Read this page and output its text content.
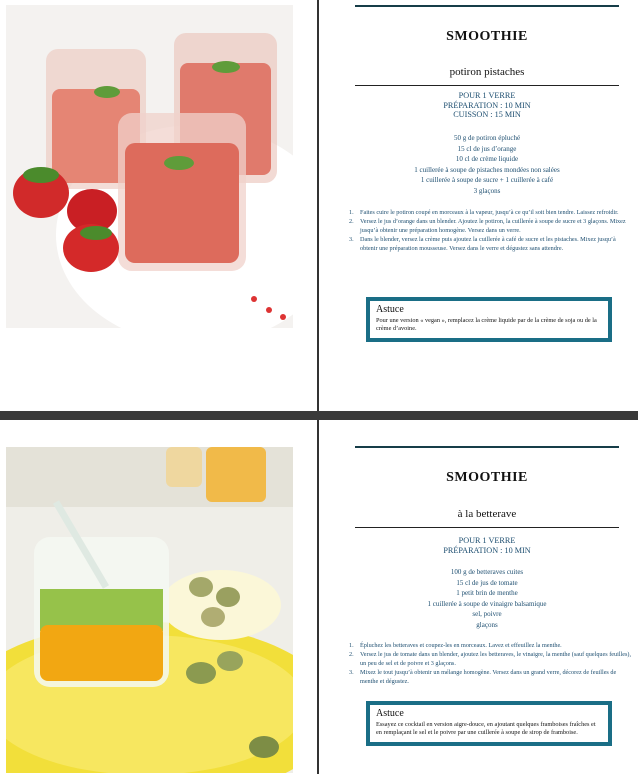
SMOOTHIE
potiron pistaches
POUR 1 VERRE
PRÉPARATION : 10 MIN
CUISSON : 15 MIN
50 g de potiron épluché
15 cl de jus d’orange
10 cl de crème liquide
1 cuillerée à soupe de pistaches mondées non salées
1 cuillerée à soupe de sucre + 1 cuillerée à café
3 glaçons
1. Faites cuire le potiron coupé en morceaux à la vapeur, jusqu’à ce qu’il soit bien tendre. Laissez refroidir.
2. Versez le jus d’orange dans un blender. Ajoutez le potiron, la cuillerée à soupe de sucre et 3 glaçons. Mixez jusqu’à obtenir une préparation homogène. Versez dans un verre.
3. Dans le blender, versez la crème puis ajoutez la cuillerée à café de sucre et les pistaches. Mixez jusqu’à obtenir une préparation mousseuse. Versez dans le verre et dégustez sans attendre.
Astuce
Pour une version « vegan », remplacez la crème liquide par de la crème de soja ou de la crème d’avoine.
SMOOTHIE
à la betterave
POUR 1 VERRE
PRÉPARATION : 10 MIN
100 g de betteraves cuites
15 cl de jus de tomate
1 petit brin de menthe
1 cuillerée à soupe de vinaigre balsamique
sel, poivre
glaçons
1. Épluchez les betteraves et coupez-les en morceaux. Lavez et effeuillez la menthe.
2. Versez le jus de tomate dans un blender, ajoutez les betteraves, le vinaigre, la menthe (sauf quelques feuilles), un peu de sel et de poivre et 3 glaçons.
3. Mixez le tout jusqu’à obtenir un mélange homogène. Versez dans un grand verre, décorez de feuilles de menthe et dégustez.
Astuce
Essayez ce cocktail en version aigre-douce, en ajoutant quelques framboises fraîches et en remplaçant le sel et le poivre par une cuillerée à soupe de sirop de framboise.
